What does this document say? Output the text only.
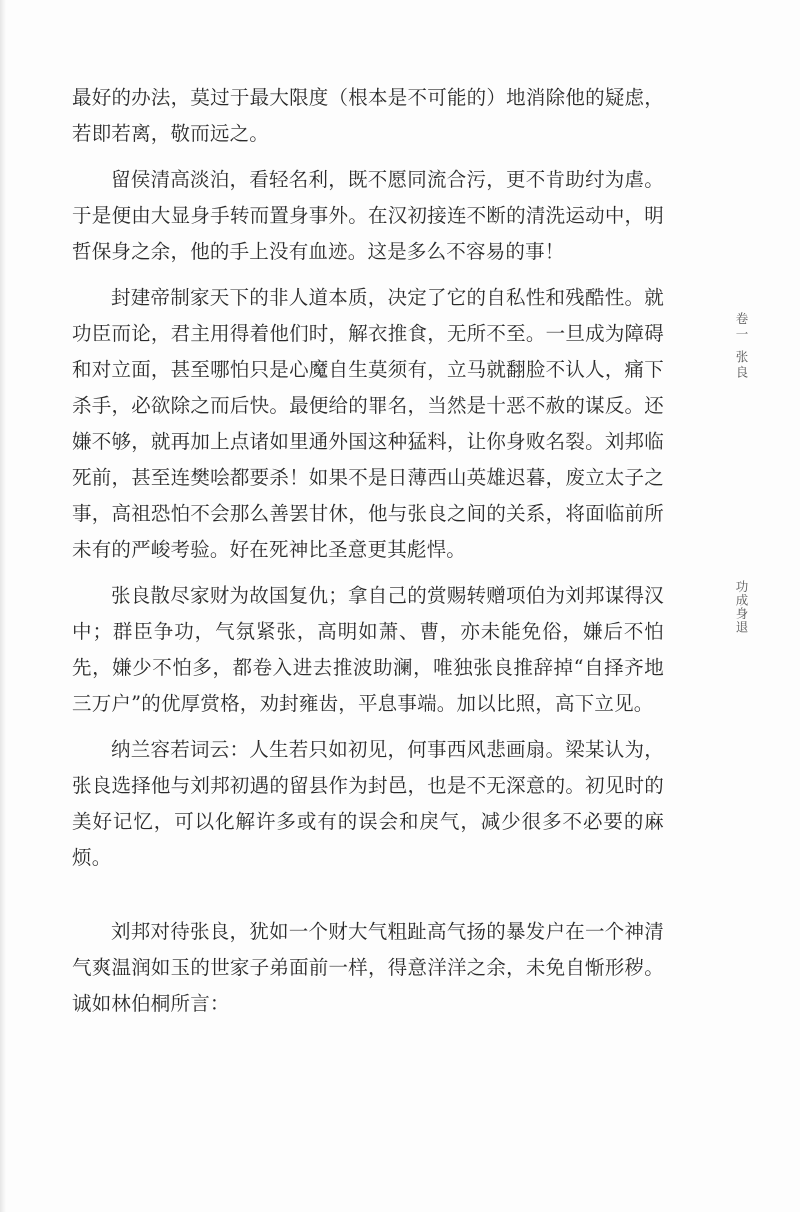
最好的办法，莫过于最大限度（根本是不可能的）地消除他的疑虑，若即若离，敬而远之。

留侯清高淡泊，看轻名利，既不愿同流合污，更不肯助纣为虐。于是便由大显身手转而置身事外。在汉初接连不断的清洗运动中，明哲保身之余，他的手上没有血迹。这是多么不容易的事！

封建帝制家天下的非人道本质，决定了它的自私性和残酷性。就功臣而论，君主用得着他们时，解衣推食，无所不至。一旦成为障碍和对立面，甚至哪怕只是心魔自生莫须有，立马就翻脸不认人，痛下杀手，必欲除之而后快。最便给的罪名，当然是十恶不赦的谋反。还嫌不够，就再加上点诸如里通外国这种猛料，让你身败名裂。刘邦临死前，甚至连樊哙都要杀！如果不是日薄西山英雄迟暮，废立太子之事，高祖恐怕不会那么善罢甘休，他与张良之间的关系，将面临前所未有的严峻考验。好在死神比圣意更其彪悍。

张良散尽家财为故国复仇；拿自己的赏赐转赠项伯为刘邦谋得汉中；群臣争功，气氛紧张，高明如萧、曹，亦未能免俗，嫌后不怕先，嫌少不怕多，都卷入进去推波助澜，唯独张良推辞掉“自择齐地三万户”的优厚赏格，劝封雍齿，平息事端。加以比照，高下立见。

纳兰容若词云：人生若只如初见，何事西风悲画扇。梁某认为，张良选择他与刘邦初遇的留县作为封邑，也是不无深意的。初见时的美好记忆，可以化解许多或有的误会和戾气，减少很多不必要的麻烦。

刘邦对待张良，犹如一个财大气粗趾高气扬的暴发户在一个神清气爽温润如玉的世家子弟面前一样，得意洋洋之余，未免自惭形秽。诚如林伯桐所言：

卷一 张良
功成身退
